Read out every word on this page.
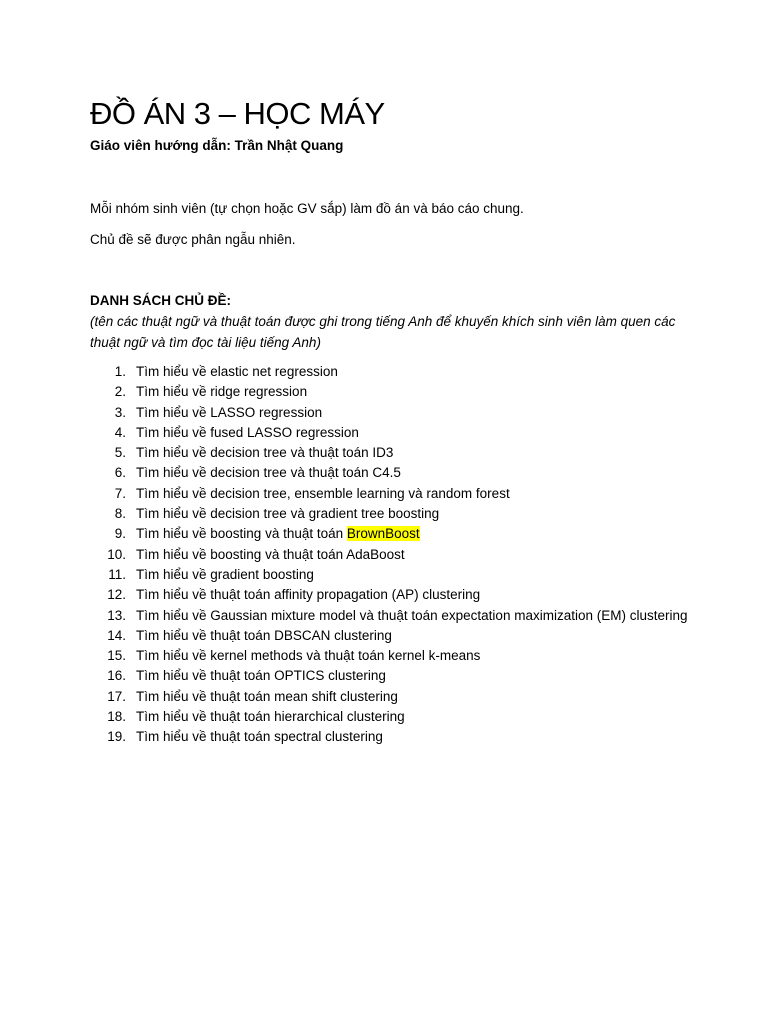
ĐỒ ÁN 3 – HỌC MÁY

Giáo viên hướng dẫn: Trần Nhật Quang

Mỗi nhóm sinh viên (tự chọn hoặc GV sắp) làm đồ án và báo cáo chung.

Chủ đề sẽ được phân ngẫu nhiên.

DANH SÁCH CHỦ ĐỀ:

(tên các thuật ngữ và thuật toán được ghi trong tiếng Anh để khuyến khích sinh viên làm quen các thuật ngữ và tìm đọc tài liệu tiếng Anh)

1. Tìm hiểu về elastic net regression
2. Tìm hiểu về ridge regression
3. Tìm hiểu về LASSO regression
4. Tìm hiểu về fused LASSO regression
5. Tìm hiểu về decision tree và thuật toán ID3
6. Tìm hiểu về decision tree và thuật toán C4.5
7. Tìm hiểu về decision tree, ensemble learning và random forest
8. Tìm hiểu về decision tree và gradient tree boosting
9. Tìm hiểu về boosting và thuật toán BrownBoost
10. Tìm hiểu về boosting và thuật toán AdaBoost
11. Tìm hiểu về gradient boosting
12. Tìm hiểu về thuật toán affinity propagation (AP) clustering
13. Tìm hiểu về Gaussian mixture model và thuật toán expectation maximization (EM) clustering
14. Tìm hiểu về thuật toán DBSCAN clustering
15. Tìm hiểu về kernel methods và thuật toán kernel k-means
16. Tìm hiểu về thuật toán OPTICS clustering
17. Tìm hiểu về thuật toán mean shift clustering
18. Tìm hiểu về thuật toán hierarchical clustering
19. Tìm hiểu về thuật toán spectral clustering
